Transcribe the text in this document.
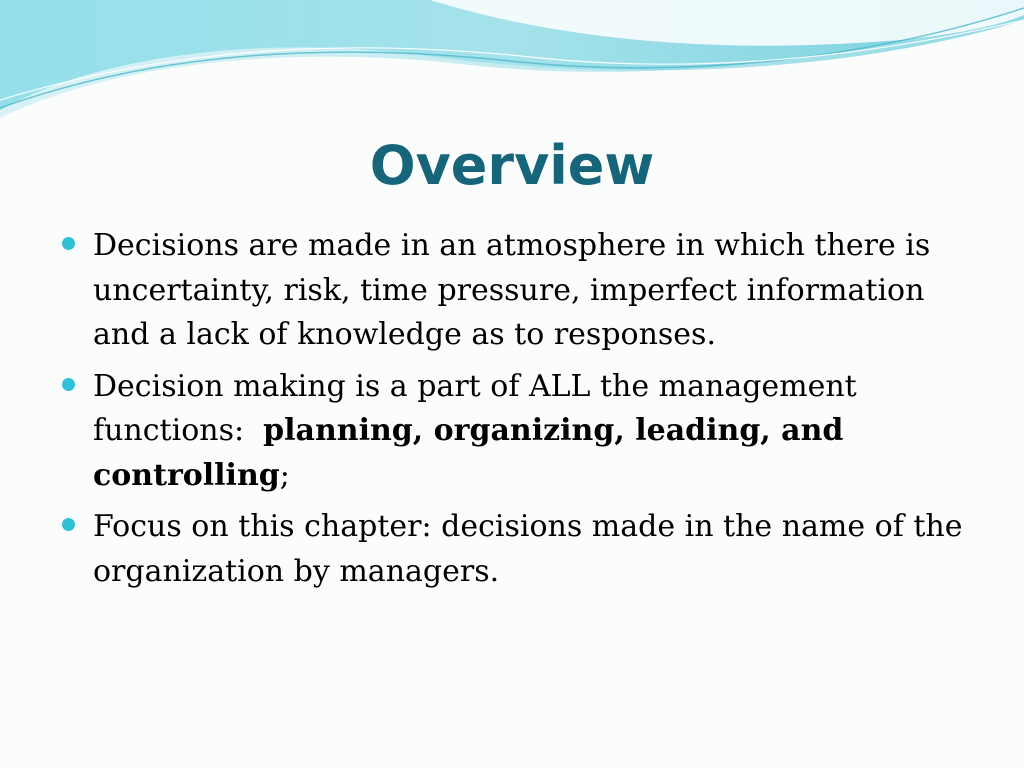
Overview
Decisions are made in an atmosphere in which there is uncertainty, risk, time pressure, imperfect information and a lack of knowledge as to responses.
Decision making is a part of ALL the management functions:  planning, organizing, leading, and controlling;
Focus on this chapter: decisions made in the name of the organization by managers.
